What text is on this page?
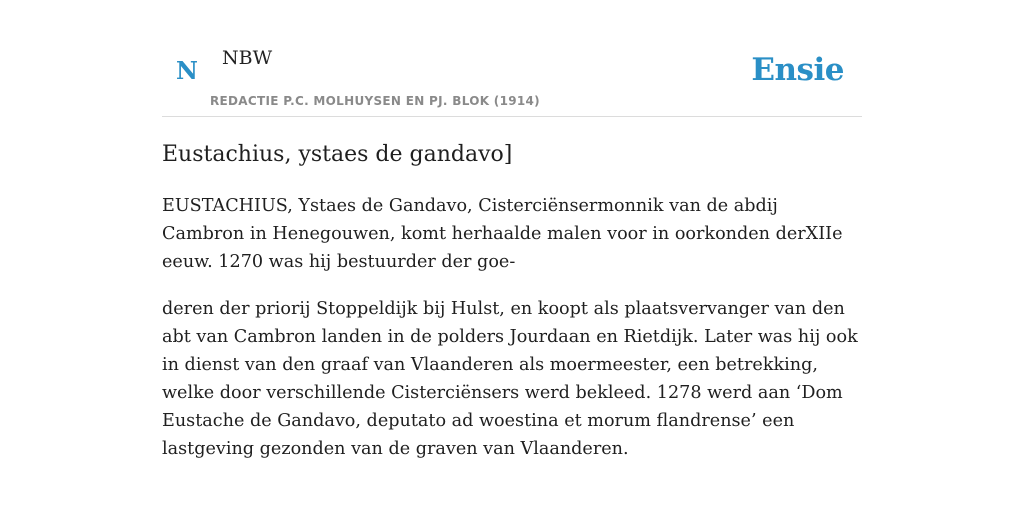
N NBW
REDACTIE P.C. MOLHUYSEN EN PJ. BLOK (1914)
Ensie
Eustachius, ystaes de gandavo]

EUSTACHIUS, Ystaes de Gandavo, Cisterciënsermonnik van de abdij Cambron in Henegouwen, komt herhaalde malen voor in oorkonden derXIIe eeuw. 1270 was hij bestuurder der goe-

deren der priorij Stoppeldijk bij Hulst, en koopt als plaatsvervanger van den abt van Cambron landen in de polders Jourdaan en Rietdijk. Later was hij ook in dienst van den graaf van Vlaanderen als moermeester, een betrekking, welke door verschillende Cisterciënsers werd bekleed. 1278 werd aan ‘Dom Eustache de Gandavo, deputato ad woestina et morum flandrense’ een lastgeving gezonden van de graven van Vlaanderen.
